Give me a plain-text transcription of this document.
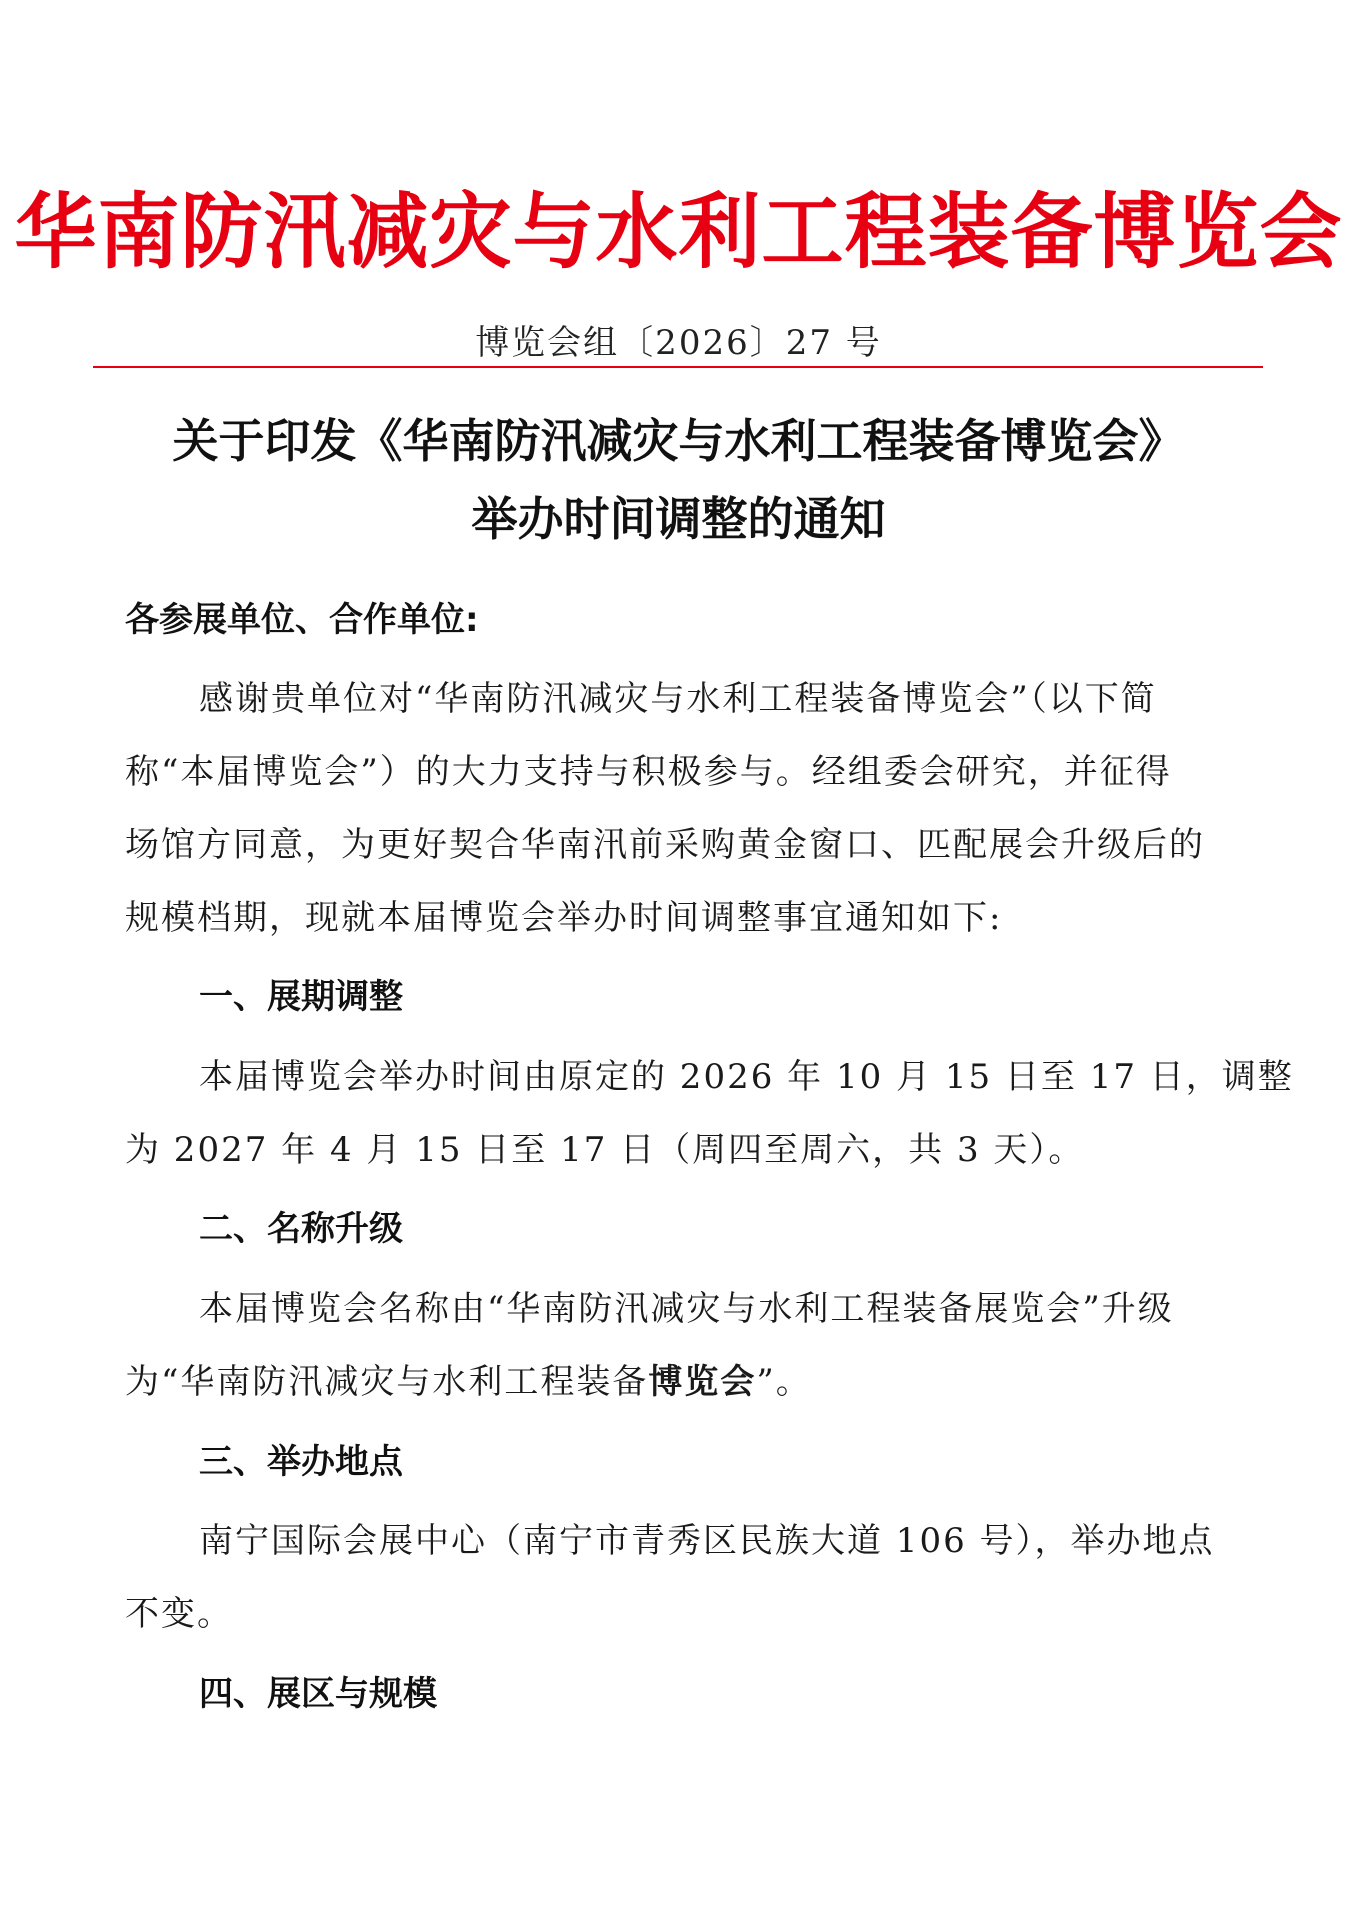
华南防汛减灾与水利工程装备博览会
博览会组〔2026〕27 号
关于印发《华南防汛减灾与水利工程装备博览会》
举办时间调整的通知
各参展单位、合作单位:
感谢贵单位对“华南防汛减灾与水利工程装备博览会”（以下简
称“本届博览会”）的大力支持与积极参与。经组委会研究，并征得
场馆方同意，为更好契合华南汛前采购黄金窗口、匹配展会升级后的
规模档期，现就本届博览会举办时间调整事宜通知如下:
一、展期调整
本届博览会举办时间由原定的 2026 年 10 月 15 日至 17 日，调整
为 2027 年 4 月 15 日至 17 日（周四至周六，共 3 天）。
二、名称升级
本届博览会名称由“华南防汛减灾与水利工程装备展览会”升级
为“华南防汛减灾与水利工程装备博览会”。
三、举办地点
南宁国际会展中心（南宁市青秀区民族大道 106 号），举办地点
不变。
四、展区与规模
